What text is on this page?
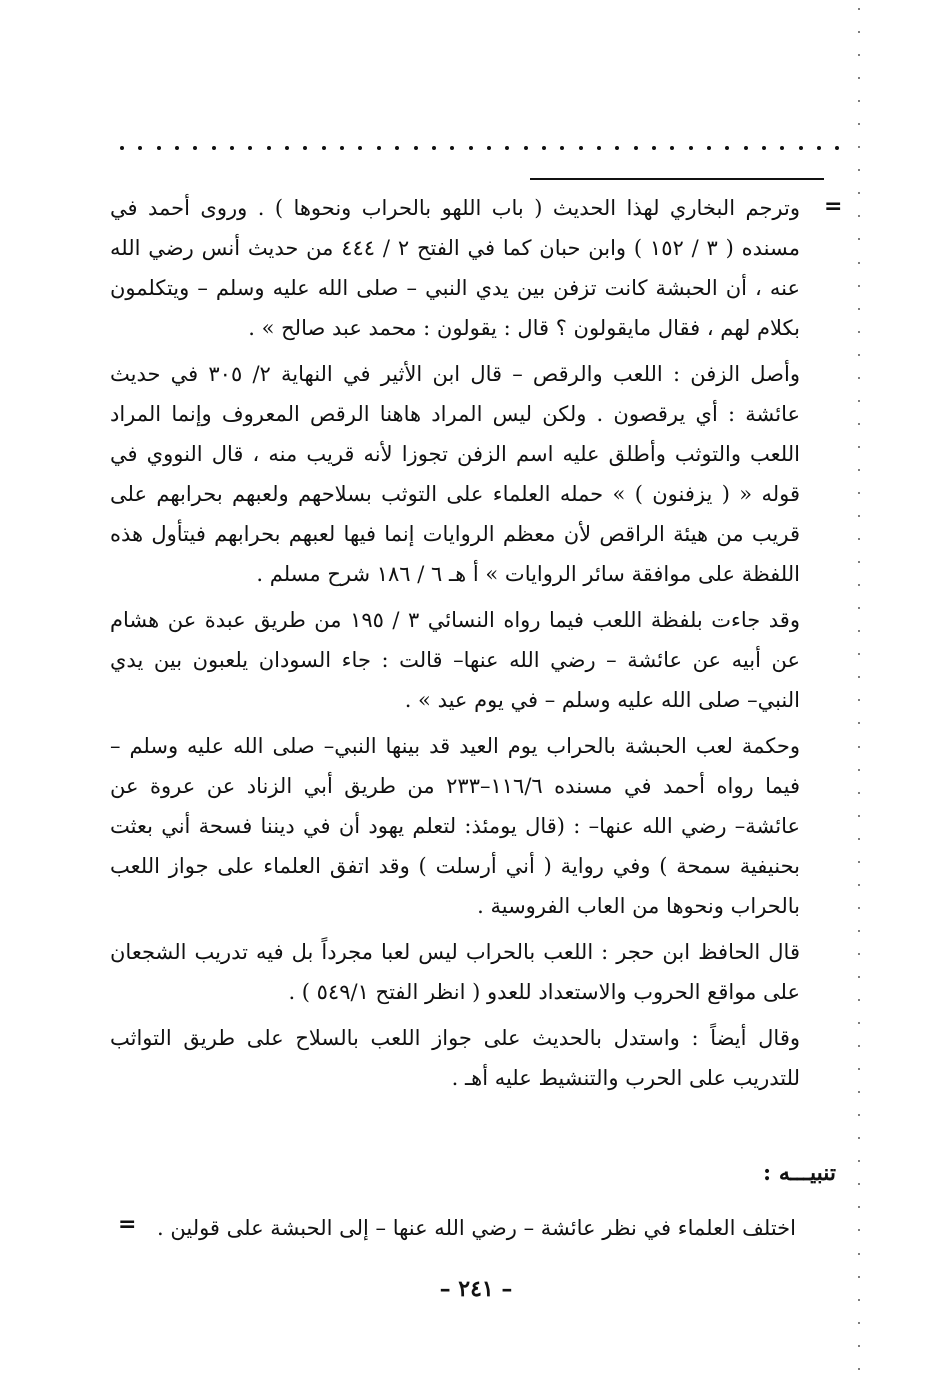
=

وترجم البخاري لهذا الحديث ( باب اللهو بالحراب ونحوها ) . وروى أحمد في مسنده ( ٣ / ١٥٢ ) وابن حبان كما في الفتح ٢ / ٤٤٤ من حديث أنس رضي الله عنه ، أن الحبشة كانت تزفن بين يدي النبي – صلى الله عليه وسلم – ويتكلمون بكلام لهم ، فقال مايقولون ؟ قال : يقولون : محمد عبد صالح » .

وأصل الزفن : اللعب والرقص – قال ابن الأثير في النهاية ٢/ ٣٠٥ في حديث عائشة : أي يرقصون . ولكن ليس المراد هاهنا الرقص المعروف وإنما المراد اللعب والتوثب وأطلق عليه اسم الزفن تجوزا لأنه قريب منه ، قال النووي في قوله « ( يزفنون ) » حمله العلماء على التوثب بسلاحهم ولعبهم بحرابهم على قريب من هيئة الراقص لأن معظم الروايات إنما فيها لعبهم بحرابهم فيتأول هذه اللفظة على موافقة سائر الروايات » أ هـ ٦ / ١٨٦ شرح مسلم .

وقد جاءت بلفظة اللعب فيما رواه النسائي ٣ / ١٩٥ من طريق عبدة عن هشام عن أبيه عن عائشة – رضي الله عنها– قالت : جاء السودان يلعبون بين يدي النبي– صلى الله عليه وسلم – في يوم عيد » .

وحكمة لعب الحبشة بالحراب يوم العيد قد بينها النبي– صلى الله عليه وسلم – فيما رواه أحمد في مسنده ١١٦/٦–٢٣٣ من طريق أبي الزناد عن عروة عن عائشة– رضي الله عنها– : (قال يومئذ: لتعلم يهود أن في ديننا فسحة أني بعثت بحنيفية سمحة ) وفي رواية ( أني أرسلت ) وقد اتفق العلماء على جواز اللعب بالحراب ونحوها من العاب الفروسية .

قال الحافظ ابن حجر : اللعب بالحراب ليس لعبا مجرداً بل فيه تدريب الشجعان على مواقع الحروب والاستعداد للعدو ( انظر الفتح ٥٤٩/١ ) .

وقال أيضاً : واستدل بالحديث على جواز اللعب بالسلاح على طريق التواثب للتدريب على الحرب والتنشيط عليه أهـ .

تنبيـــه :
اختلف العلماء في نظر عائشة – رضي الله عنها – إلى الحبشة على قولين .
=
– ٢٤١ –
